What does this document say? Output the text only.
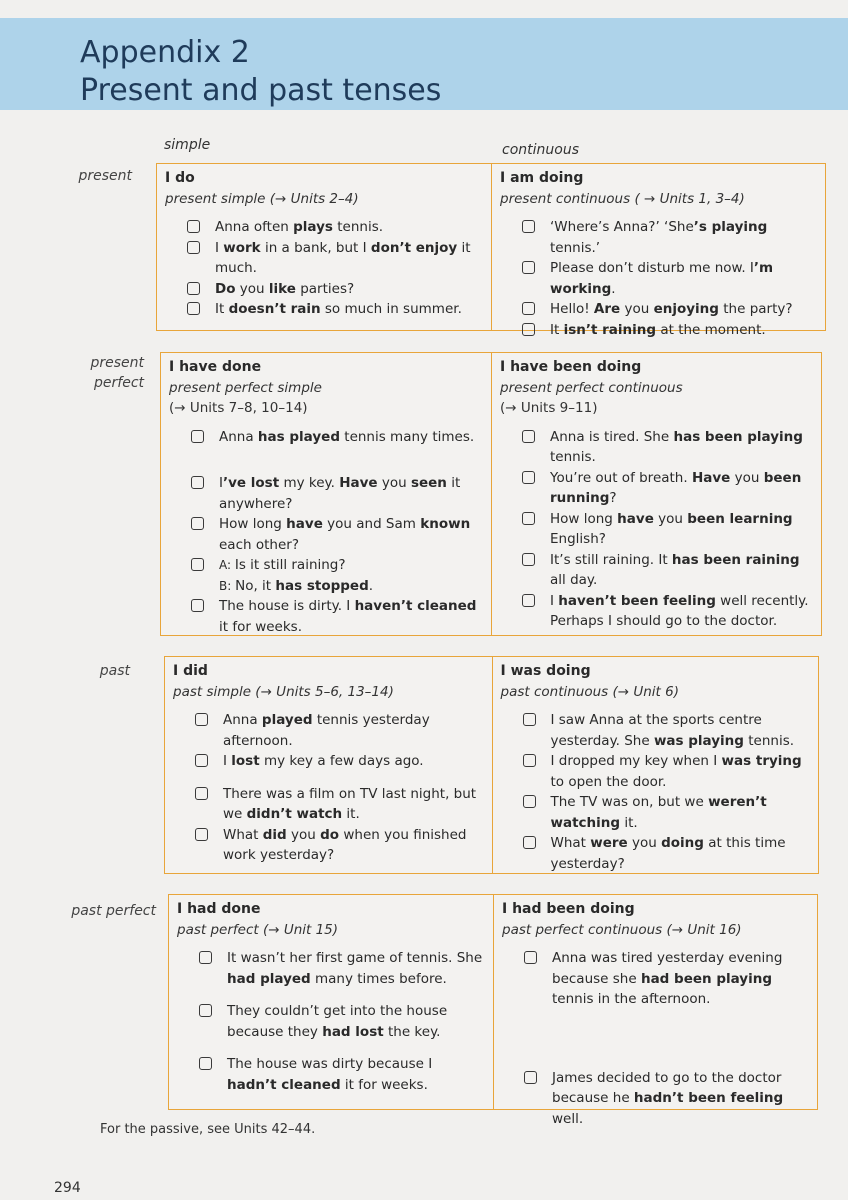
Appendix 2
Present and past tenses
simple	continuous
present I do
present simple (→ Units 2–4)
Anna often plays tennis.
I work in a bank, but I don’t enjoy it much.
Do you like parties?
It doesn’t rain so much in summer.
I am doing
present continuous ( → Units 1, 3–4)
‘Where’s Anna?’ ‘She’s playing tennis.’
Please don’t disturb me now. I’m working.
Hello! Are you enjoying the party?
It isn’t raining at the moment.
present perfect
I have done
present perfect simple
(→ Units 7–8, 10–14)
Anna has played tennis many times.
I’ve lost my key. Have you seen it anywhere?
How long have you and Sam known each other?
A: Is it still raining?
B: No, it has stopped.
The house is dirty. I haven’t cleaned it for weeks.
I have been doing
present perfect continuous
(→ Units 9–11)
Anna is tired. She has been playing tennis.
You’re out of breath. Have you been running?
How long have you been learning English?
It’s still raining. It has been raining all day.
I haven’t been feeling well recently. Perhaps I should go to the doctor.
past	I did
past simple (→ Units 5–6, 13–14)
Anna played tennis yesterday afternoon.
I lost my key a few days ago.
There was a film on TV last night, but we didn’t watch it.
What did you do when you finished work yesterday?
I was doing
past continuous (→ Unit 6)
I saw Anna at the sports centre yesterday. She was playing tennis.
I dropped my key when I was trying to open the door.
The TV was on, but we weren’t watching it.
What were you doing at this time yesterday?
past perfect I had done
past perfect (→ Unit 15)
It wasn’t her first game of tennis. She had played many times before.
They couldn’t get into the house because they had lost the key.
The house was dirty because I hadn’t cleaned it for weeks.
I had been doing
past perfect continuous (→ Unit 16)
Anna was tired yesterday evening because she had been playing tennis in the afternoon.
James decided to go to the doctor because he hadn’t been feeling well.
For the passive, see Units 42–44.
294
